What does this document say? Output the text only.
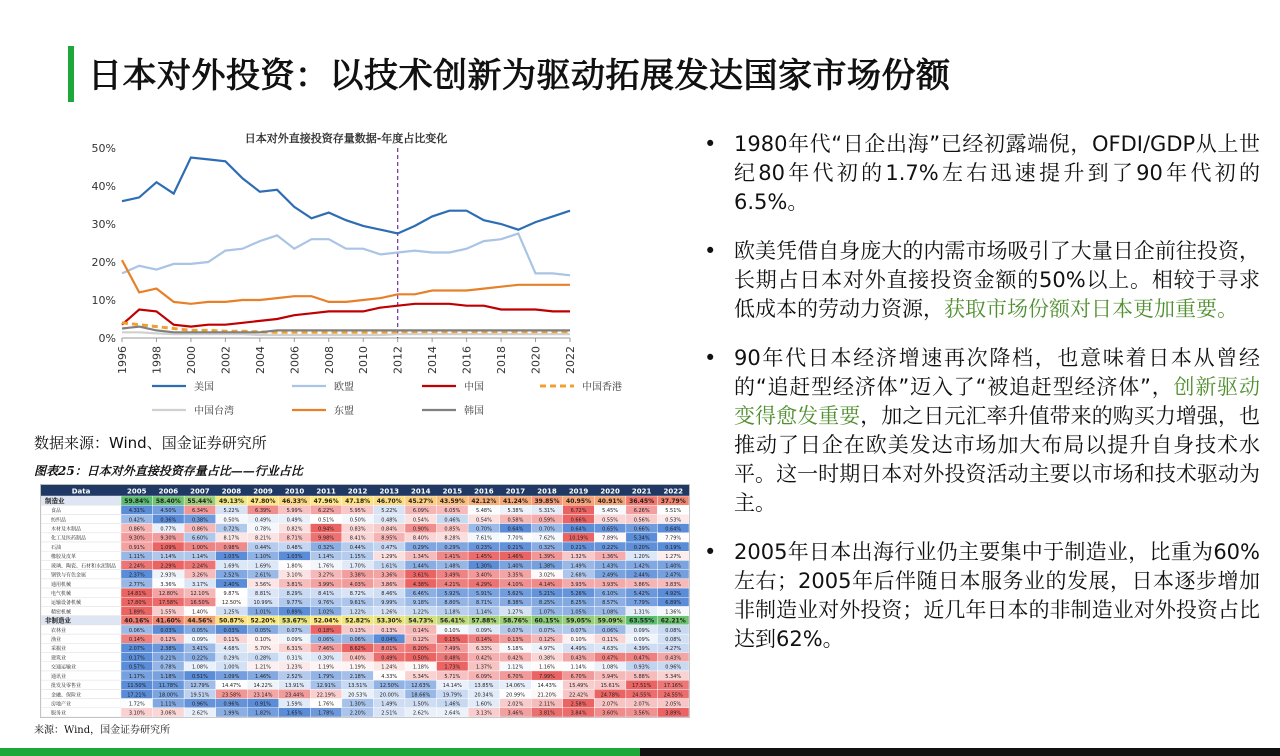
日本对外投资：以技术创新为驱动拓展发达国家市场份额
日本对外直接投资存量数据-年度占比变化
0%
10%
20%
30%
40%
50%
1996 1998 2000 2002 2004 2006 2008 2010 2012 2014 2016 2018 2020 2022
美国	欧盟	中国	中国香港
中国台湾	东盟	韩国
数据来源：Wind、国金证券研究所
图表25：日本对外直接投资存量占比——行业占比
Data	2005 2006 2007 2008 2009 2010 2011 2012 2013 2014 2015 2016 2017 2018 2019 2020 2021 2022
制造业	59.84% 58.40% 55.44% 49.13% 47.80% 46.33% 47.96% 47.18% 46.70% 45.27% 43.59% 42.12% 41.24% 39.85% 40.95% 40.91% 36.45% 37.79%
食品	4.31%	4.50%	6.34%	5.22%	6.39%	5.99%	6.22%	5.95%	5.22%	6.09%	6.05%	5.48%	5.38%	5.31%	6.72%	5.45%	6.26%	5.51%
纺织品	0.42%	0.36%	0.38%	0.50%	0.49%	0.49%	0.51%	0.50%	0.48%	0.54%	0.46%	0.54%	0.58%	0.59%	0.66%	0.55%	0.56%	0.53%
木材及木制品	0.86%	0.77%	0.86%	0.72%	0.78%	0.82%	0.94%	0.83%	0.84%	0.90%	0.85%	0.70%	0.64%	0.70%	0.64%	0.65%	0.66%	0.64%
化工及医药制品	9.30%	9.30%	6.60%	8.17%	8.21%	8.71%	9.98%	8.41%	8.95%	8.40%	8.28%	7.61%	7.70%	7.62%	10.19%	7.89%	5.34%	7.79%
石油	0.91%	1.09%	1.00%	0.98%	0.44%	0.48%	0.32%	0.44%	0.47%	0.29%	0.29%	0.23%	0.21%	0.32%	0.21%	0.22%	0.20%	0.19%
橡胶及皮革	1.11%	1.14%	1.14%	1.03%	1.10%	1.03%	1.14%	1.15%	1.29%	1.34%	1.41%	1.45%	1.46%	1.39%	1.32%	1.36%	1.20%	1.27%
玻璃、陶瓷、石材和水泥制品	2.24%	2.29%	2.24%	1.69%	1.69%	1.80%	1.76%	1.70%	1.61%	1.44%	1.48%	1.30%	1.40%	1.38%	1.49%	1.43%	1.42%	1.40%
钢铁与有色金属	2.37%	2.93%	3.26%	2.52%	2.61%	3.10%	3.27%	3.38%	3.36%	3.61%	3.49%	3.40%	3.35%	3.02%	2.68%	2.49%	2.44%	2.47%
通用机械	2.77%	3.36%	3.17%	2.40%	3.56%	3.81%	3.99%	4.03%	3.86%	4.38%	4.21%	4.29%	4.10%	4.14%	3.93%	3.93%	3.86%	3.83%
电气机械	14.81% 12.80% 12.10%	9.87%	8.81%	8.29%	8.41%	8.72%	8.46%	6.46%	5.92%	5.91%	5.62%	5.21%	5.26%	6.10%	5.42%	4.92%
运输设备机械	17.80% 17.58% 16.50% 12.50% 10.99%	9.77%	9.76%	9.61%	9.99%	9.18%	8.80%	8.71%	8.38%	8.25%	8.25%	8.57%	7.79%	6.89%
精密机械	1.89%	1.55%	1.40%	1.25%	1.01%	0.89%	1.02%	1.22%	1.26%	1.22%	1.18%	1.14%	1.27%	1.07%	1.05%	1.08%	1.31%	1.36%
非制造业	40.16% 41.60% 44.56% 50.87% 52.20% 53.67% 52.04% 52.82% 53.30% 54.73% 56.41% 57.88% 58.76% 60.15% 59.05% 59.09% 63.55% 62.21%
农林业	0.06%	0.03%	0.05%	0.03%	0.05%	0.07%	0.18%	0.13%	0.13%	0.14%	0.10%	0.09%	0.07%	0.07%	0.07%	0.06%	0.09%	0.08%
渔业	0.14%	0.12%	0.09%	0.11%	0.10%	0.09%	0.06%	0.06%	0.04%	0.12%	0.15%	0.14%	0.13%	0.12%	0.10%	0.11%	0.09%	0.08%
采掘业	2.07%	2.38%	3.41%	4.68%	5.70%	6.31%	7.46%	8.62%	8.01%	8.20%	7.49%	6.33%	5.18%	4.97%	4.49%	4.63%	4.39%	4.27%
建筑业	0.17%	0.21%	0.22%	0.29%	0.28%	0.31%	0.30%	0.40%	0.49%	0.50%	0.48%	0.42%	0.42%	0.38%	0.43%	0.47%	0.47%	0.43%
交通运输业	0.57%	0.78%	1.08%	1.00%	1.21%	1.23%	1.19%	1.19%	1.24%	1.18%	1.73%	1.37%	1.12%	1.16%	1.14%	1.08%	0.93%	0.96%
通讯业	1.17%	1.18%	0.51%	1.09%	1.46%	2.52%	1.79%	2.18%	4.33%	5.34%	5.71%	6.09%	6.70%	7.99%	6.70%	5.94%	5.88%	5.34%
批发及零售业	11.50% 11.78% 12.79% 14.47% 14.22% 13.91% 12.91% 13.51% 12.50% 12.63% 14.14% 13.85% 14.06% 14.43% 15.49% 15.61% 17.51% 17.16%
金融、保险业	17.21% 18.00% 19.51% 23.58% 23.14% 23.44% 22.19% 20.53% 20.00% 18.66% 19.79% 20.34% 20.99% 21.20% 22.42% 24.78% 24.55% 24.55%
房地产业	1.72%	1.11%	0.96%	0.96%	0.91%	1.59%	1.76%	1.30%	1.49%	1.50%	1.46%	1.60%	2.02%	2.11%	2.58%	2.07%	2.07%	2.05%
服务业	3.10%	3.06%	2.62%	1.99%	1.82%	1.65%	1.78%	2.20%	2.51%	2.62%	2.64%	3.13%	3.46%	3.81%	3.84%	3.60%	3.56%	3.89%
来源：Wind，国金证券研究所
• 1980年代“日企出海”已经初露端倪，OFDI/GDP从上世纪80年代初的1.7%左右迅速提升到了90年代初的6.5%。
• 欧美凭借自身庞大的内需市场吸引了大量日企前往投资，长期占日本对外直接投资金额的50%以上。相较于寻求低成本的劳动力资源，获取市场份额对日本更加重要。
• 90年代日本经济增速再次降档，也意味着日本从曾经的“追赶型经济体”迈入了“被追赶型经济体”，创新驱动变得愈发重要，加之日元汇率升值带来的购买力增强，也推动了日企在欧美发达市场加大布局以提升自身技术水平。这一时期日本对外投资活动主要以市场和技术驱动为主。
• 2005年日本出海行业仍主要集中于制造业，比重为60%左右；2005年后伴随日本服务业的发展，日本逐步增加非制造业对外投资；近几年日本的非制造业对外投资占比达到62%。
